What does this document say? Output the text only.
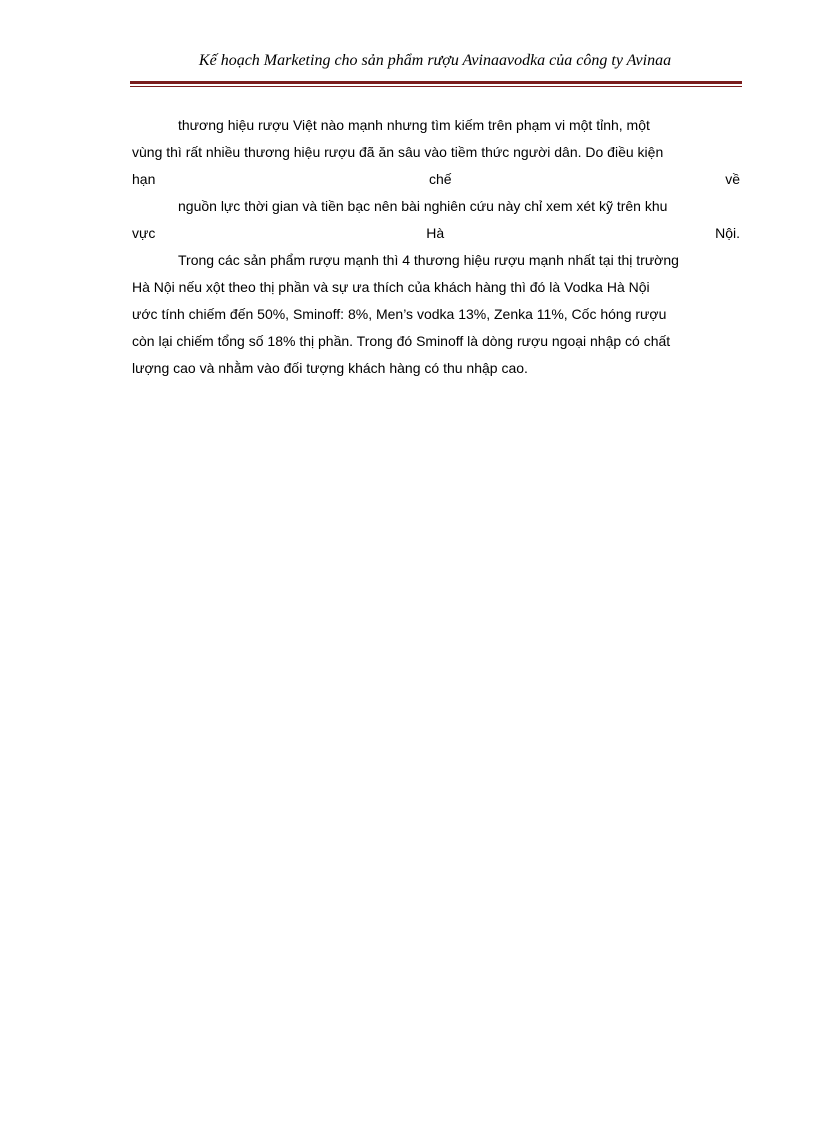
Kế hoạch Marketing cho sản phẩm rượu Avinaavodka của công ty Avinaa
thương hiệu rượu Việt nào mạnh nhưng tìm kiếm trên phạm vi một tỉnh, một
vùng thì rất nhiều thương hiệu rượu đã ăn sâu vào tiềm thức người dân. Do điều kiện
hạn	chế	về
nguồn lực thời gian và tiền bạc nên bài nghiên cứu này chỉ xem xét kỹ trên khu
vực	Hà	Nội.
Trong các sản phẩm rượu mạnh thì 4 thương hiệu rượu mạnh nhất tại thị trường
Hà Nội nếu xột theo thị phần và sự ưa thích của khách hàng thì đó là Vodka Hà Nội
ước tính chiếm đến 50%, Sminoff: 8%, Men’s vodka 13%, Zenka 11%, Cốc hóng rượu
còn lại chiếm tổng số 18% thị phần. Trong đó Sminoff là dòng rượu ngoại nhập có chất
lượng cao và nhằm vào đối tượng khách hàng có thu nhập cao.
